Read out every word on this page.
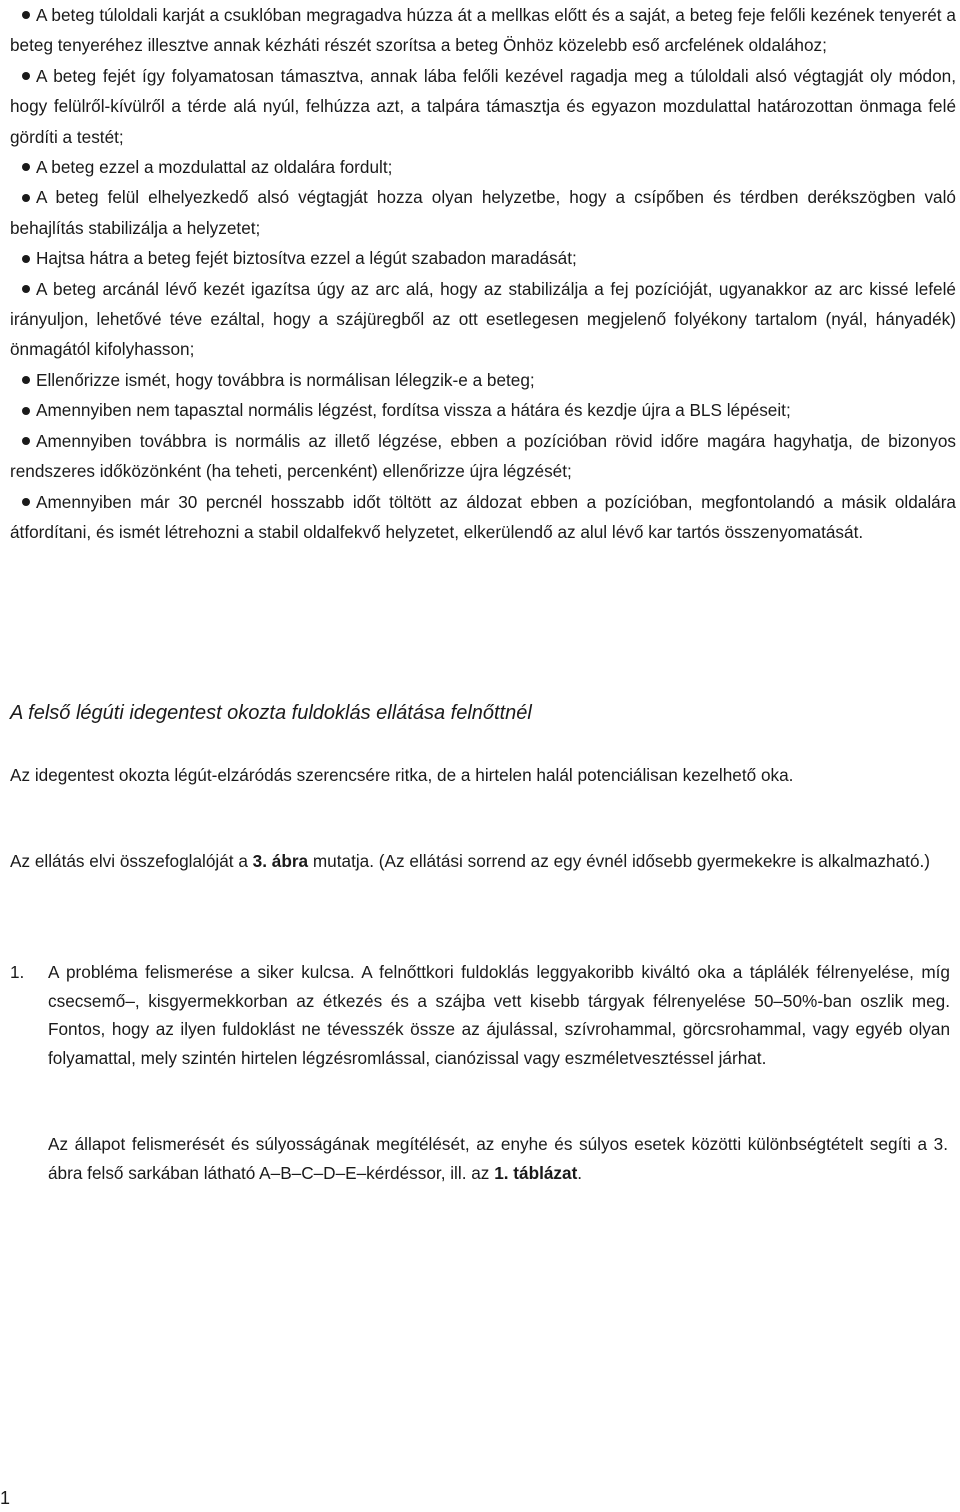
A beteg túloldali karját a csuklóban megragadva húzza át a mellkas előtt és a saját, a beteg feje felőli kezének tenyerét a beteg tenyeréhez illesztve annak kézháti részét szorítsa a beteg Önhöz közelebb eső arcfelének oldalához;
A beteg fejét így folyamatosan támasztva, annak lába felőli kezével ragadja meg a túloldali alsó végtagját oly módon, hogy felülről-kívülről a térde alá nyúl, felhúzza azt, a talpára támasztja és egyazon mozdulattal határozottan önmaga felé gördíti a testét;
A beteg ezzel a mozdulattal az oldalára fordult;
A beteg felül elhelyezkedő alsó végtagját hozza olyan helyzetbe, hogy a csípőben és térdben derékszögben való behajlítás stabilizálja a helyzetet;
Hajtsa hátra a beteg fejét biztosítva ezzel a légút szabadon maradását;
A beteg arcánál lévő kezét igazítsa úgy az arc alá, hogy az stabilizálja a fej pozícióját, ugyanakkor az arc kissé lefelé irányuljon, lehetővé téve ezáltal, hogy a szájüregből az ott esetlegesen megjelenő folyékony tartalom (nyál, hányadék) önmagától kifolyhasson;
Ellenőrizze ismét, hogy továbbra is normálisan lélegzik-e a beteg;
Amennyiben nem tapasztal normális légzést, fordítsa vissza a hátára és kezdje újra a BLS lépéseit;
Amennyiben továbbra is normális az illető légzése, ebben a pozícióban rövid időre magára hagyhatja, de bizonyos rendszeres időközönként (ha teheti, percenként) ellenőrizze újra légzését;
Amennyiben már 30 percnél hosszabb időt töltött az áldozat ebben a pozícióban, megfontolandó a másik oldalára átfordítani, és ismét létrehozni a stabil oldalfekvő helyzetet, elkerülendő az alul lévő kar tartós összenyomatását.
A felső légúti idegentest okozta fuldoklás ellátása felnőttnél

Az idegentest okozta légút-elzáródás szerencsére ritka, de a hirtelen halál potenciálisan kezelhető oka.

Az ellátás elvi összefoglalóját a 3. ábra mutatja. (Az ellátási sorrend az egy évnél idősebb gyermekekre is alkalmazható.)

1. A probléma felismerése a siker kulcsa. A felnőttkori fuldoklás leggyakoribb kiváltó oka a táplálék félrenyelése, míg csecsemő–, kisgyermekkorban az étkezés és a szájba vett kisebb tárgyak félrenyelése 50–50%-ban oszlik meg. Fontos, hogy az ilyen fuldoklást ne tévesszék össze az ájulással, szívrohammal, görcsrohammal, vagy egyéb olyan folyamattal, mely szintén hirtelen légzésromlással, cianózissal vagy eszméletvesztéssel járhat.

Az állapot felismerését és súlyosságának megítélését, az enyhe és súlyos esetek közötti különbségtételt segíti a 3. ábra felső sarkában látható A–B–C–D–E–kérdéssor, ill. az 1. táblázat.

1
